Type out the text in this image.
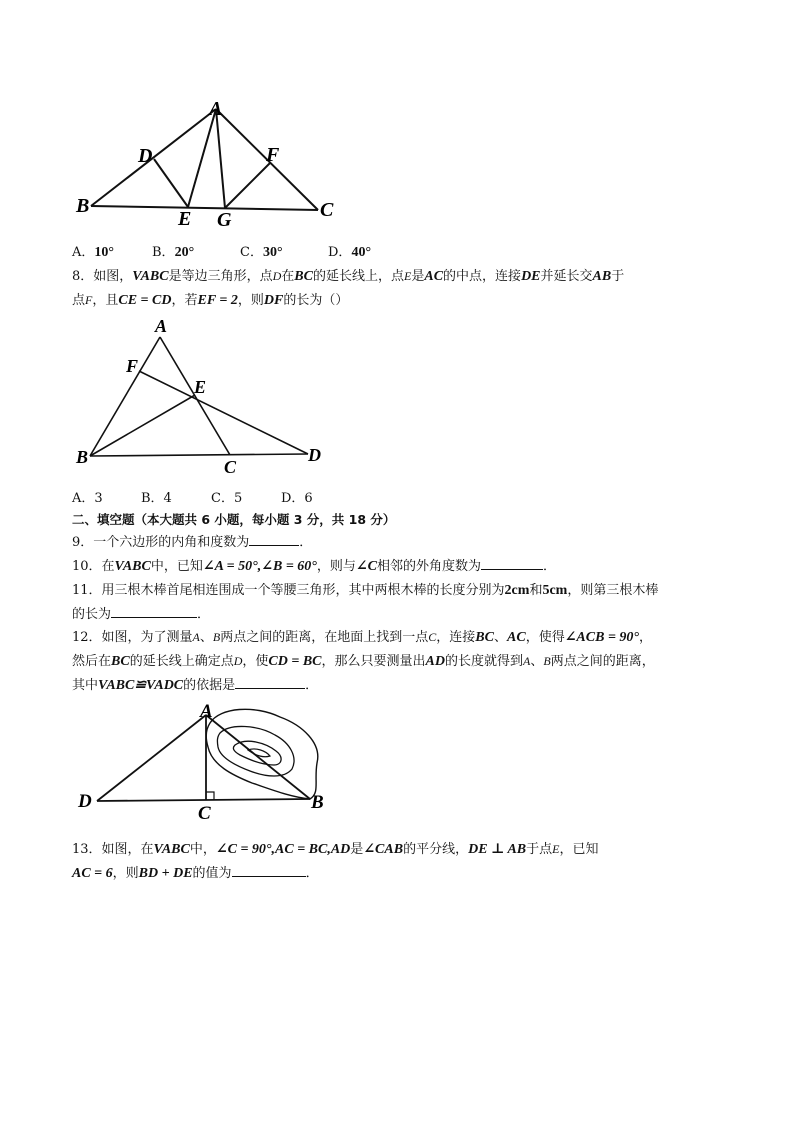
A
B	C
D
E
F
G
A．10°	B．20°	C．30°	D．40°
8．如图，VABC是等边三角形，点D在BC的延长线上，点E是AC的中点，连接DE并延长交AB于
点F，且CE = CD，若EF = 2，则DF的长为（）
A
B	C
D
E
F
A．3	B．4	C．5	D．6
二、填空题（本大题共 6 小题，每小题 3 分，共 18 分）
9．一个六边形的内角和度数为	．
10．在VABC中，已知∠A = 50°,∠B = 60°，则与∠C相邻的外角度数为	．
11．用三根木棒首尾相连围成一个等腰三角形，其中两根木棒的长度分别为2cm和5cm，则第三根木棒
的长为	．
12．如图，为了测量A、B两点之间的距离，在地面上找到一点C，连接BC、AC，使得∠ACB = 90°，
然后在BC的延长线上确定点D，使CD = BC，那么只要测量出AD的长度就得到A、B两点之间的距离，
其中VABC≌VADC的依据是	．
A
B
C
D
13．如图，在VABC中，∠C = 90°,AC = BC,AD是∠CAB的平分线，DE ⊥ AB于点E，已知
AC = 6，则BD + DE的值为	．
